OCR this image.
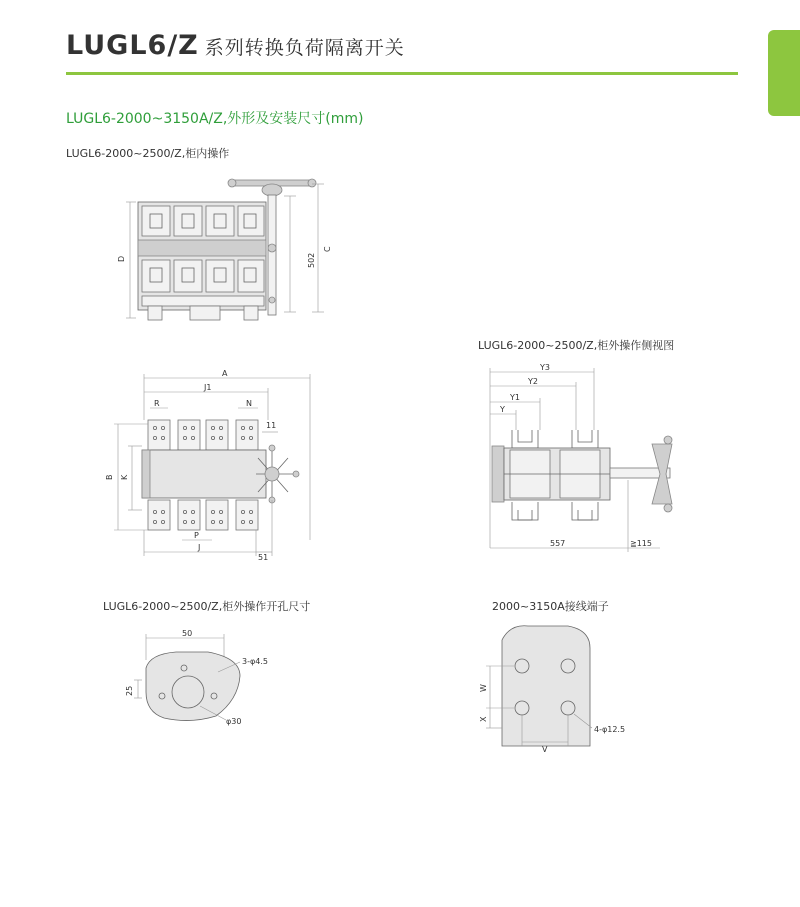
LUGL6/Z 系列转换负荷隔离开关
LUGL6-2000~3150A/Z,外形及安装尺寸(mm)
LUGL6-2000~2500/Z,柜内操作
LUGL6-2000~2500/Z,柜外操作侧视图
LUGL6-2000~2500/Z,柜外操作开孔尺寸	2000~3150A接线端子
D	502
C
A
J1
R	N
B K
11
P
J
51
Y3
Y2
Y1
Y
557	≧115
50
25
3-φ4.5
φ30
W
X
V
4-φ12.5
